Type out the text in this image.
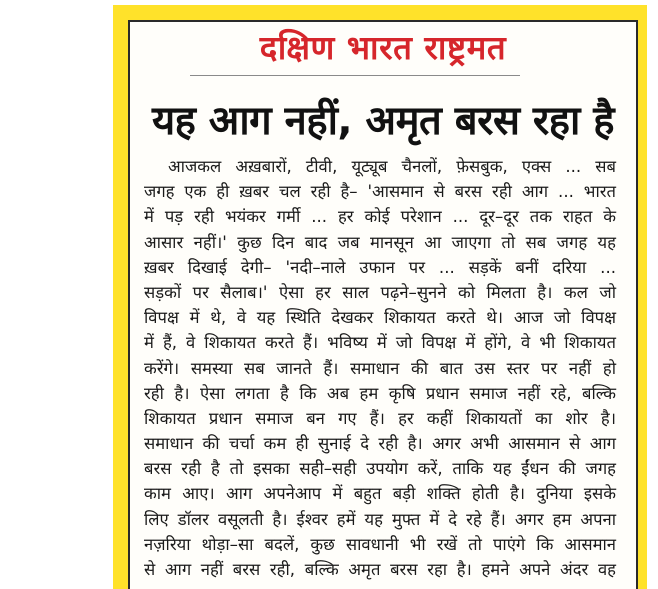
दक्षिण भारत राष्ट्रमत
यह आग नहीं, अमृत बरस रहा है
आजकल अख़बारों, टीवी, यूट्यूब चैनलों, फ़ेसबुक, एक्स ... सब
जगह एक ही ख़बर चल रही है– 'आसमान से बरस रही आग ... भारत
में पड़ रही भयंकर गर्मी ... हर कोई परेशान ... दूर–दूर तक राहत के
आसार नहीं।' कुछ दिन बाद जब मानसून आ जाएगा तो सब जगह यह
ख़बर दिखाई देगी– 'नदी–नाले उफान पर ... सड़कें बनीं दरिया ...
सड़कों पर सैलाब।' ऐसा हर साल पढ़ने–सुनने को मिलता है। कल जो
विपक्ष में थे, वे यह स्थिति देखकर शिकायत करते थे। आज जो विपक्ष
में हैं, वे शिकायत करते हैं। भविष्य में जो विपक्ष में होंगे, वे भी शिकायत
करेंगे। समस्या सब जानते हैं। समाधान की बात उस स्तर पर नहीं हो
रही है। ऐसा लगता है कि अब हम कृषि प्रधान समाज नहीं रहे, बल्कि
शिकायत प्रधान समाज बन गए हैं। हर कहीं शिकायतों का शोर है।
समाधान की चर्चा कम ही सुनाई दे रही है। अगर अभी आसमान से आग
बरस रही है तो इसका सही–सही उपयोग करें, ताकि यह ईंधन की जगह
काम आए। आग अपनेआप में बहुत बड़ी शक्ति होती है। दुनिया इसके
लिए डॉलर वसूलती है। ईश्वर हमें यह मुफ्त में दे रहे हैं। अगर हम अपना
नज़रिया थोड़ा–सा बदलें, कुछ सावधानी भी रखें तो पाएंगे कि आसमान
से आग नहीं बरस रही, बल्कि अमृत बरस रहा है। हमने अपने अंदर वह
